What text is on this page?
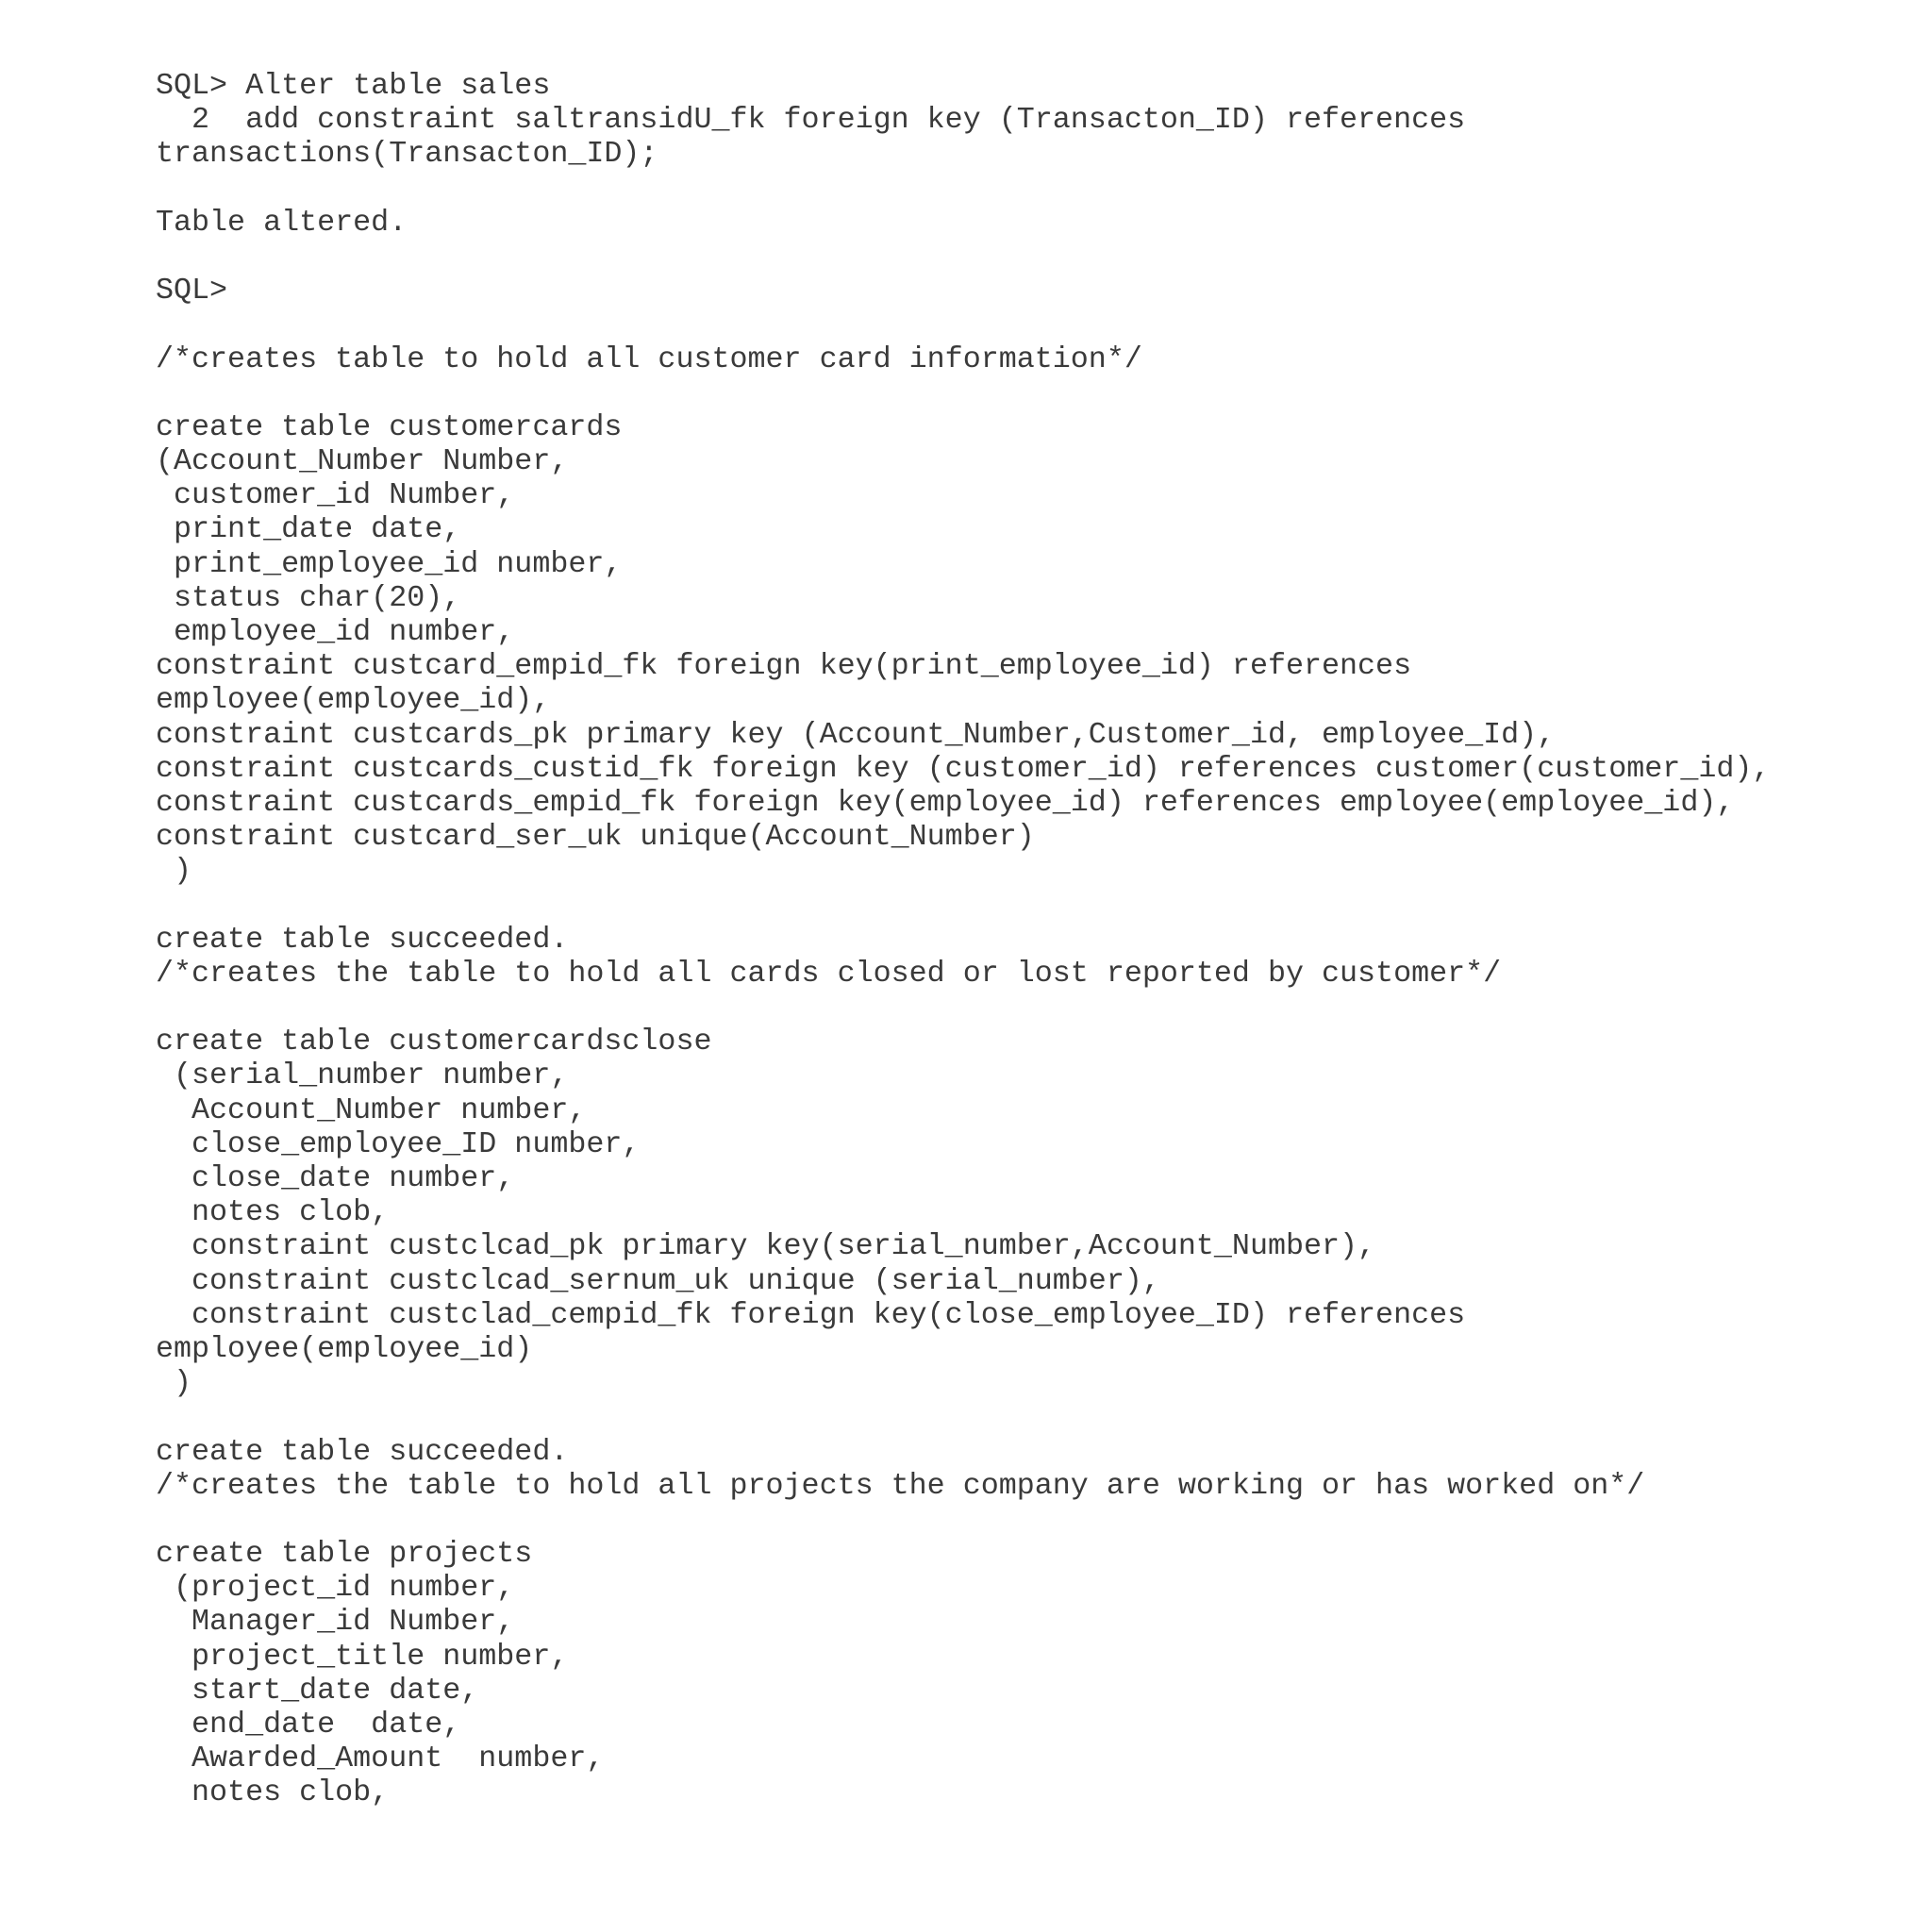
SQL> Alter table sales
2  add constraint saltransidU_fk foreign key (Transacton_ID) references
transactions(Transacton_ID);
Table altered.
SQL>
/*creates table to hold all customer card information*/
create table customercards
(Account_Number Number,
customer_id Number,
print_date date,
print_employee_id number,
status char(20),
employee_id number,
constraint custcard_empid_fk foreign key(print_employee_id) references
employee(employee_id),
constraint custcards_pk primary key (Account_Number,Customer_id, employee_Id),
constraint custcards_custid_fk foreign key (customer_id) references customer(customer_id),
constraint custcards_empid_fk foreign key(employee_id) references employee(employee_id),
constraint custcard_ser_uk unique(Account_Number)
)
create table succeeded.
/*creates the table to hold all cards closed or lost reported by customer*/
create table customercardsclose
(serial_number number,
Account_Number number,
close_employee_ID number,
close_date number,
notes clob,
constraint custclcad_pk primary key(serial_number,Account_Number),
constraint custclcad_sernum_uk unique (serial_number),
constraint custclad_cempid_fk foreign key(close_employee_ID) references
employee(employee_id)
)
create table succeeded.
/*creates the table to hold all projects the company are working or has worked on*/
create table projects
(project_id number,
Manager_id Number,
project_title number,
start_date date,
end_date  date,
Awarded_Amount  number,
notes clob,
